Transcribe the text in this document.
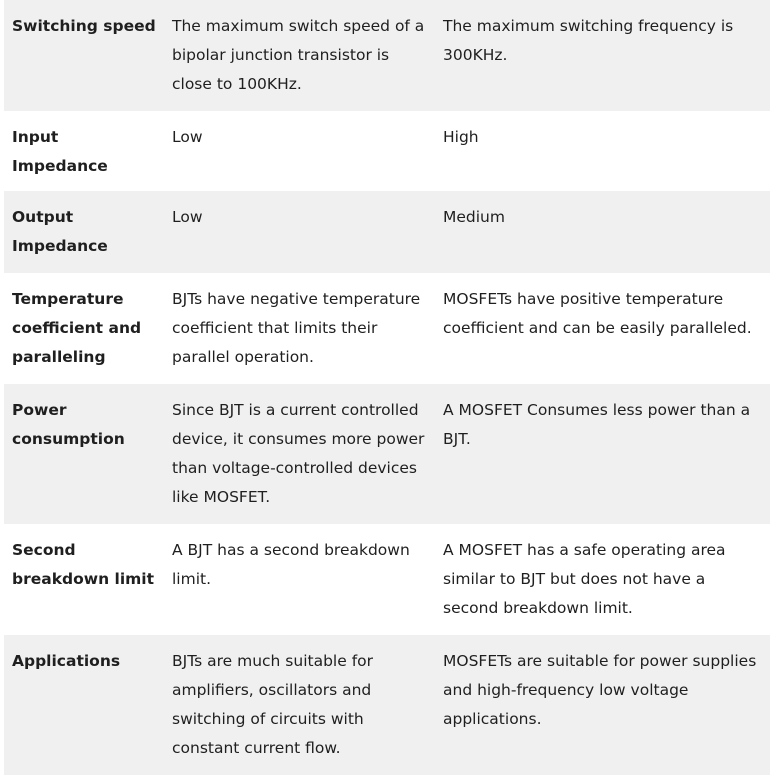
Switching speed	The maximum switch speed of a bipolar junction transistor is close to 100KHz.	The maximum switching frequency is 300KHz.
Input Impedance	Low	High
Output Impedance	Low	Medium
Temperature coefficient and paralleling	BJTs have negative temperature coefficient that limits their parallel operation.	MOSFETs have positive temperature coefficient and can be easily paralleled.
Power consumption	Since BJT is a current controlled device, it consumes more power than voltage-controlled devices like MOSFET.	A MOSFET Consumes less power than a BJT.
Second breakdown limit	A BJT has a second breakdown limit.	A MOSFET has a safe operating area similar to BJT but does not have a second breakdown limit.
Applications	BJTs are much suitable for amplifiers, oscillators and switching of circuits with constant current flow.	MOSFETs are suitable for power supplies and high-frequency low voltage applications.
